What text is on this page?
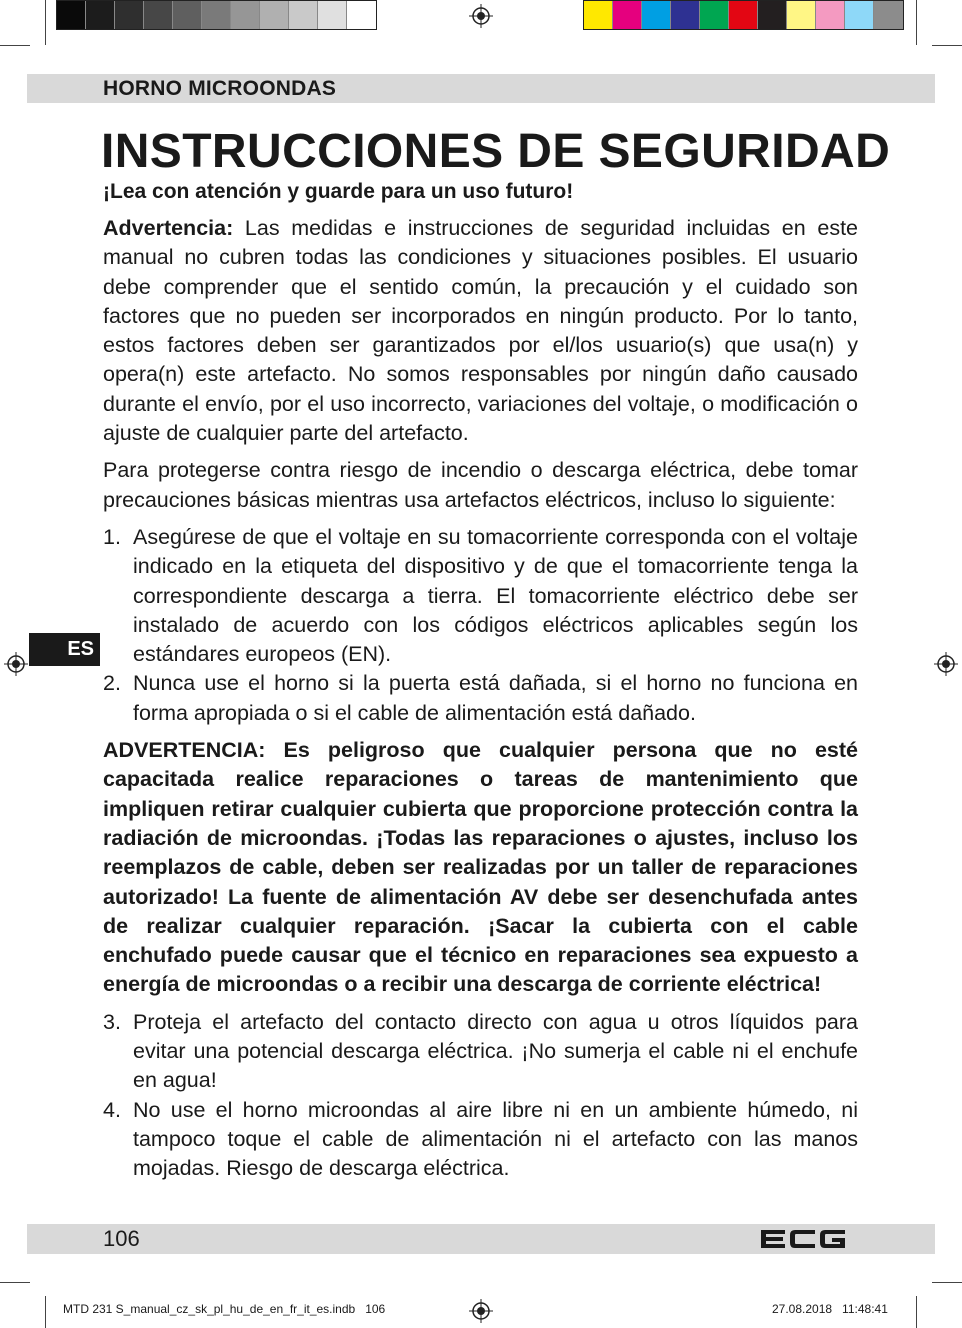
HORNO MICROONDAS
INSTRUCCIONES DE SEGURIDAD
¡Lea con atención y guarde para un uso futuro!
ES

Advertencia: Las medidas e instrucciones de seguridad incluidas en este manual no cubren todas las condiciones y situaciones posibles. El usuario debe comprender que el sentido común, la precaución y el cuidado son factores que no pueden ser incorporados en ningún producto. Por lo tanto, estos factores deben ser garantizados por el/los usuario(s) que usa(n) y opera(n) este artefacto. No somos responsables por ningún daño causado durante el envío, por el uso incorrecto, variaciones del voltaje, o modificación o ajuste de cualquier parte del artefacto.

Para protegerse contra riesgo de incendio o descarga eléctrica, debe tomar precauciones básicas mientras usa artefactos eléctricos, incluso lo siguiente:

1. Asegúrese de que el voltaje en su tomacorriente corresponda con el voltaje indicado en la etiqueta del dispositivo y de que el tomacorriente tenga la correspondiente descarga a tierra. El tomacorriente eléctrico debe ser instalado de acuerdo con los códigos eléctricos aplicables según los estándares europeos (EN).
2. Nunca use el horno si la puerta está dañada, si el horno no funciona en forma apropiada o si el cable de alimentación está dañado.

ADVERTENCIA: Es peligroso que cualquier persona que no esté capacitada realice reparaciones o tareas de mantenimiento que impliquen retirar cualquier cubierta que proporcione protección contra la radiación de microondas. ¡Todas las reparaciones o ajustes, incluso los reemplazos de cable, deben ser realizadas por un taller de reparaciones autorizado! La fuente de alimentación AV debe ser desenchufada antes de realizar cualquier reparación. ¡Sacar la cubierta con el cable enchufado puede causar que el técnico en reparaciones sea expuesto a energía de microondas o a recibir una descarga de corriente eléctrica!

3. Proteja el artefacto del contacto directo con agua u otros líquidos para evitar una potencial descarga eléctrica. ¡No sumerja el cable ni el enchufe en agua!
4. No use el horno microondas al aire libre ni en un ambiente húmedo, ni tampoco toque el cable de alimentación ni el artefacto con las manos mojadas. Riesgo de descarga eléctrica.
106
MTD 231 S_manual_cz_sk_pl_hu_de_en_fr_it_es.indb   106	27.08.2018   11:48:41
